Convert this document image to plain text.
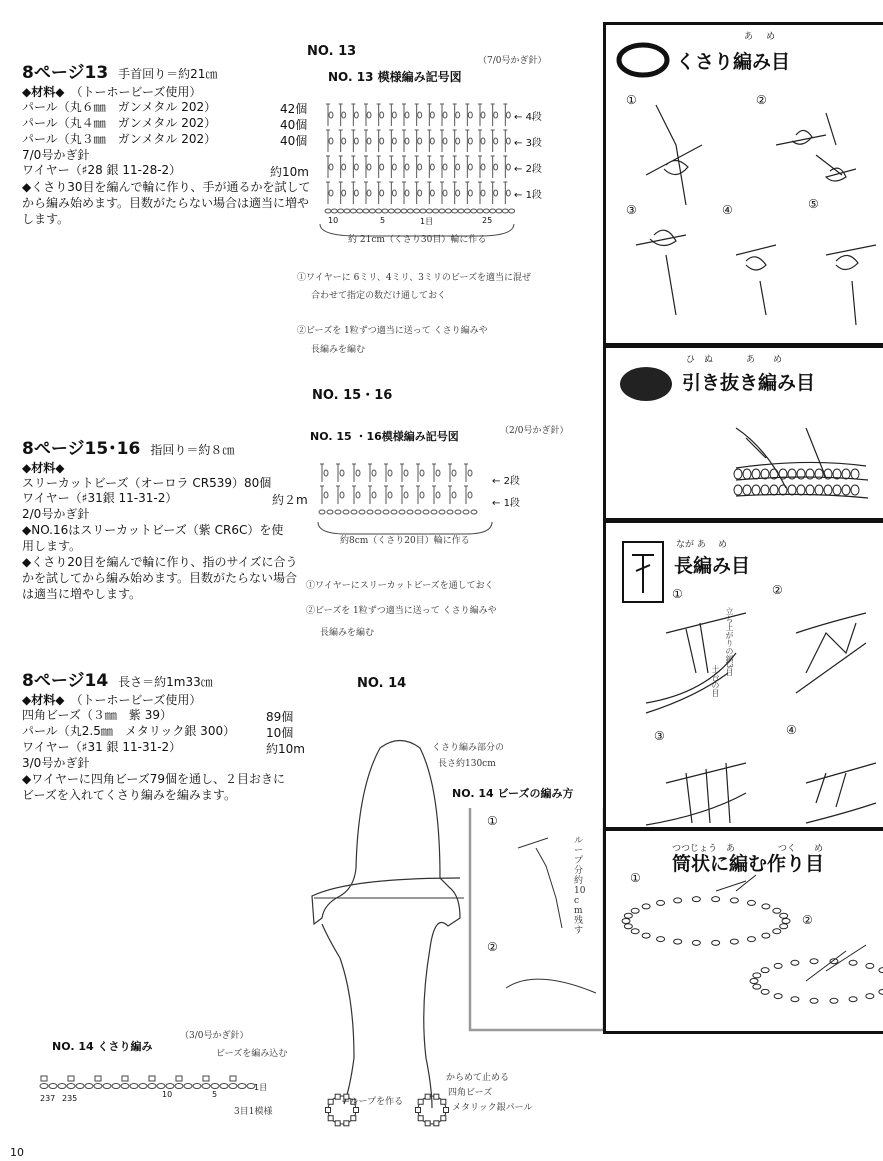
8ページ13 手首回り＝約21㎝
◆材料◆　 （トーホービーズ使用）
パール（丸６㎜　ガンメタル 202）	42個
パール（丸４㎜　ガンメタル 202）	40個
パール（丸３㎜　ガンメタル 202）	40個
7/0号かぎ針
ワイヤー（♯28 銀 11-28-2）	約10m
◆くさり30目を編んで輪に作り、手が通るかを試してから編み始めます。目数がたらない場合は適当に増やします。
8ページ15･16 指回り＝約８㎝
◆材料◆
スリーカットビーズ（オーロラ CR539）80個
ワイヤー（♯31銀 11-31-2）	約２m
2/0号かぎ針
◆NO.16はスリーカットビーズ（紫 CR6C）を使用します。
◆くさり20目を編んで輪に作り、指のサイズに合うかを試してから編み始めます。目数がたらない場合は適当に増やします。
8ページ14 長さ＝約1m33㎝
◆材料◆　 （トーホービーズ使用）
四角ビーズ（３㎜　紫 39）	89個
パール（丸2.5㎜　メタリック銀 300）	10個
ワイヤー（♯31 銀 11-31-2）	約10m
3/0号かぎ針
◆ワイヤーに四角ビーズ79個を通し、２目おきにビーズを入れてくさり編みを編みます。
NO. 13
NO. 13 模様編み記号図
（7/0号かぎ針）
← 4段
← 3段
← 2段
← 1段
10	5	1目	25
約 21cm（くさり30目）輪に作る
①ワイヤーに 6ミリ、4ミリ、3ミリのビーズを適当に混ぜ
合わせて指定の数だけ通しておく
②ビーズを 1粒ずつ適当に送って くさり編みや
長編みを編む
NO. 15・16
NO. 15 ・16模様編み記号図	（2/0号かぎ針）
← 2段
← 1段
約8cm（くさり20目）輪に作る
①ワイヤーにスリーカットビーズを通しておく
②ビーズを 1粒ずつ適当に送って くさり編みや
長編みを編む
NO. 14
くさり編み部分の
長さ約130cm
←ループを作る
からめて止める
四角ビーズ
メタリック銀パール
NO. 14 ビーズの編み方
①
②
ループ分約10cm残す
NO. 14 くさり編み
（3/0号かぎ針）
ビーズを編み込む
237 235	10	5
1目
3目1模様
10
あ め
くさり編み目
①
③	④	⑤
②
ひ　ぬ	あ　　め
引き抜き編み目
なが あ め
長編み目
①	②
③	④
立ち上がりの鎖3目
土台の目
つつじょう　あ	つく　　め
筒状に編む作り目
①
②
